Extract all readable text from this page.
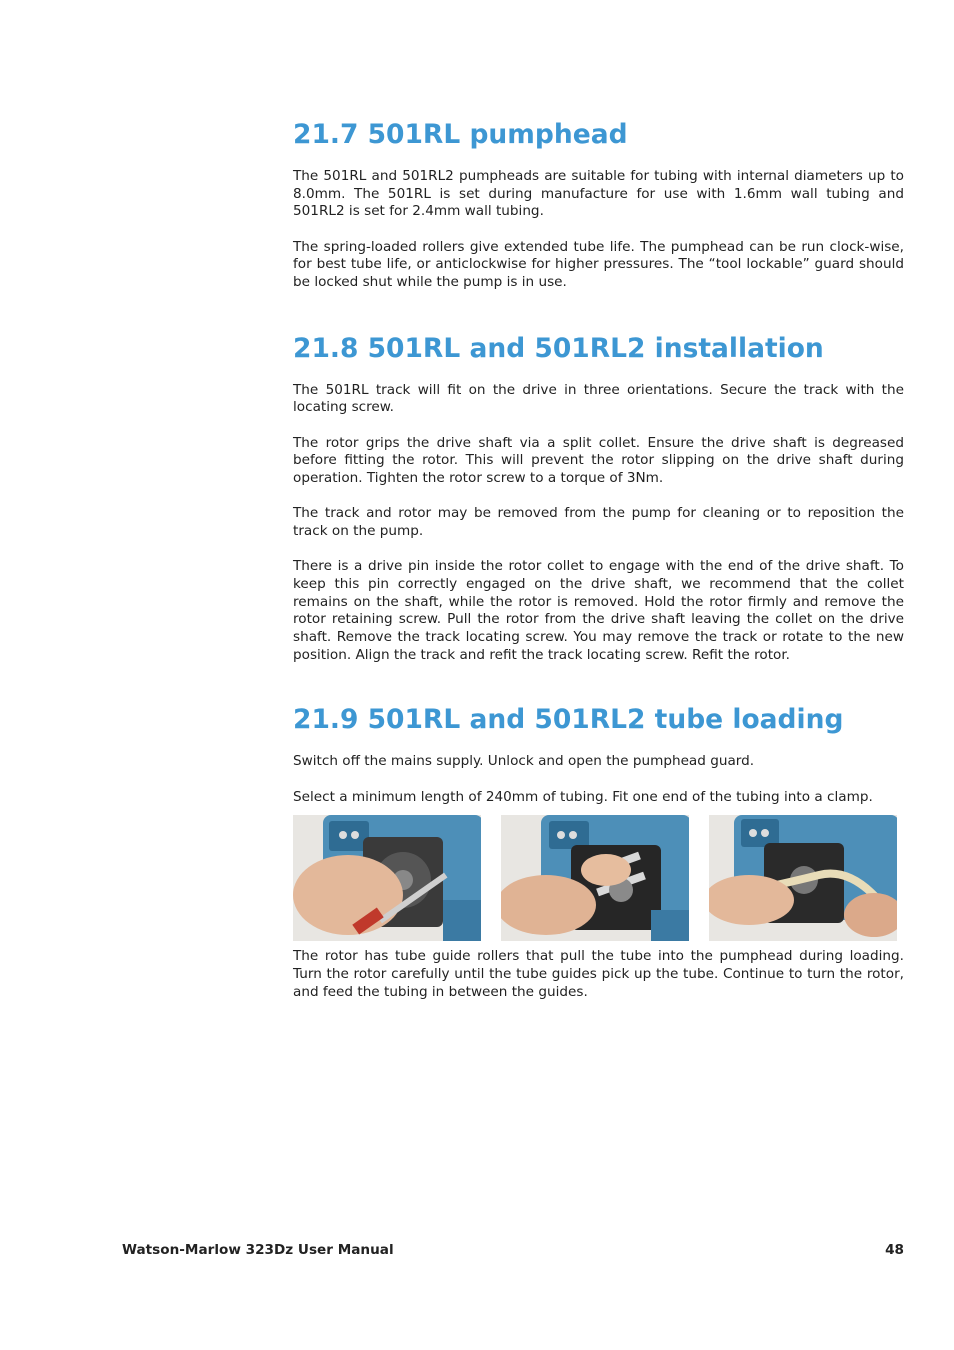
21.7 501RL pumphead

The 501RL and 501RL2 pumpheads are suitable for tubing with internal diameters up to 8.0mm. The 501RL is set during manufacture for use with 1.6mm wall tubing and 501RL2 is set for 2.4mm wall tubing.

The spring-loaded rollers give extended tube life. The pumphead can be run clock-wise, for best tube life, or anticlockwise for higher pressures. The “tool lockable” guard should be locked shut while the pump is in use.

21.8 501RL and 501RL2 installation

The 501RL track will fit on the drive in three orientations. Secure the track with the locating screw.

The rotor grips the drive shaft via a split collet. Ensure the drive shaft is degreased before fitting the rotor. This will prevent the rotor slipping on the drive shaft during operation. Tighten the rotor screw to a torque of 3Nm.

The track and rotor may be removed from the pump for cleaning or to reposition the track on the pump.

There is a drive pin inside the rotor collet to engage with the end of the drive shaft. To keep this pin correctly engaged on the drive shaft, we recommend that the collet remains on the shaft, while the rotor is removed. Hold the rotor firmly and remove the rotor retaining screw. Pull the rotor from the drive shaft leaving the collet on the drive shaft. Remove the track locating screw. You may remove the track or rotate to the new position. Align the track and refit the track locating screw. Refit the rotor.

21.9 501RL and 501RL2 tube loading

Switch off the mains supply. Unlock and open the pumphead guard.

Select a minimum length of 240mm of tubing. Fit one end of the tubing into a clamp.

The rotor has tube guide rollers that pull the tube into the pumphead during loading. Turn the rotor carefully until the tube guides pick up the tube. Continue to turn the rotor, and feed the tubing in between the guides.

Watson-Marlow 323Dz User Manual	48
